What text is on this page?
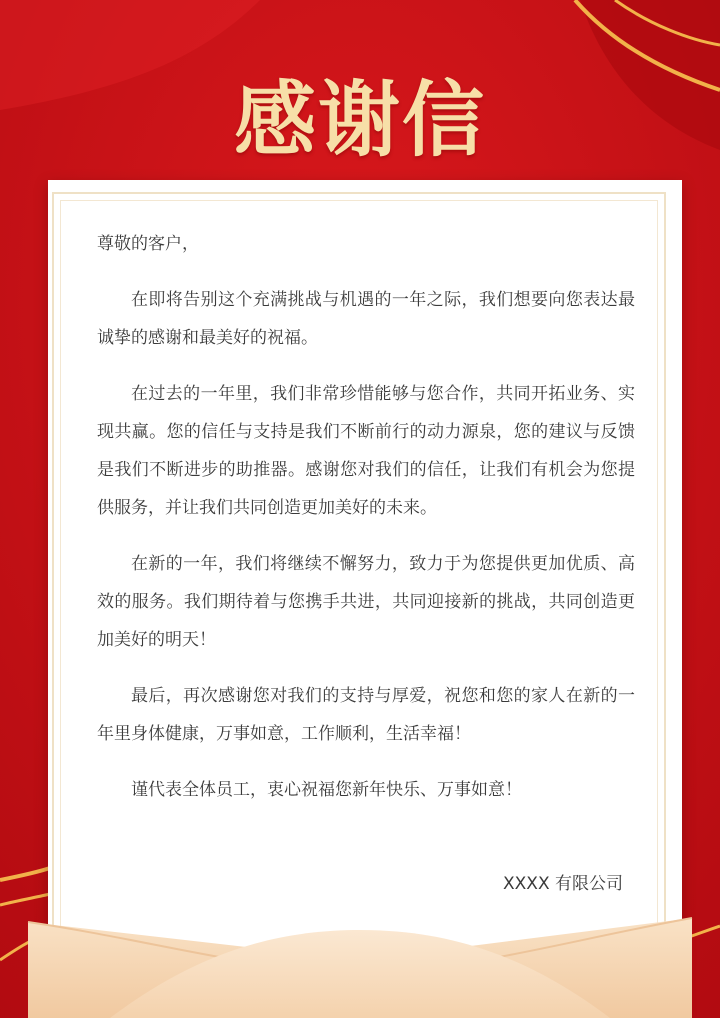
感谢信
尊敬的客户，
在即将告别这个充满挑战与机遇的一年之际，我们想要向您表达最诚挚的感谢和最美好的祝福。
在过去的一年里，我们非常珍惜能够与您合作，共同开拓业务、实现共赢。您的信任与支持是我们不断前行的动力源泉，您的建议与反馈是我们不断进步的助推器。感谢您对我们的信任，让我们有机会为您提供服务，并让我们共同创造更加美好的未来。
在新的一年，我们将继续不懈努力，致力于为您提供更加优质、高效的服务。我们期待着与您携手共进，共同迎接新的挑战，共同创造更加美好的明天！
最后，再次感谢您对我们的支持与厚爱，祝您和您的家人在新的一年里身体健康，万事如意，工作顺利，生活幸福！
谨代表全体员工，衷心祝福您新年快乐、万事如意！
XXXX 有限公司
